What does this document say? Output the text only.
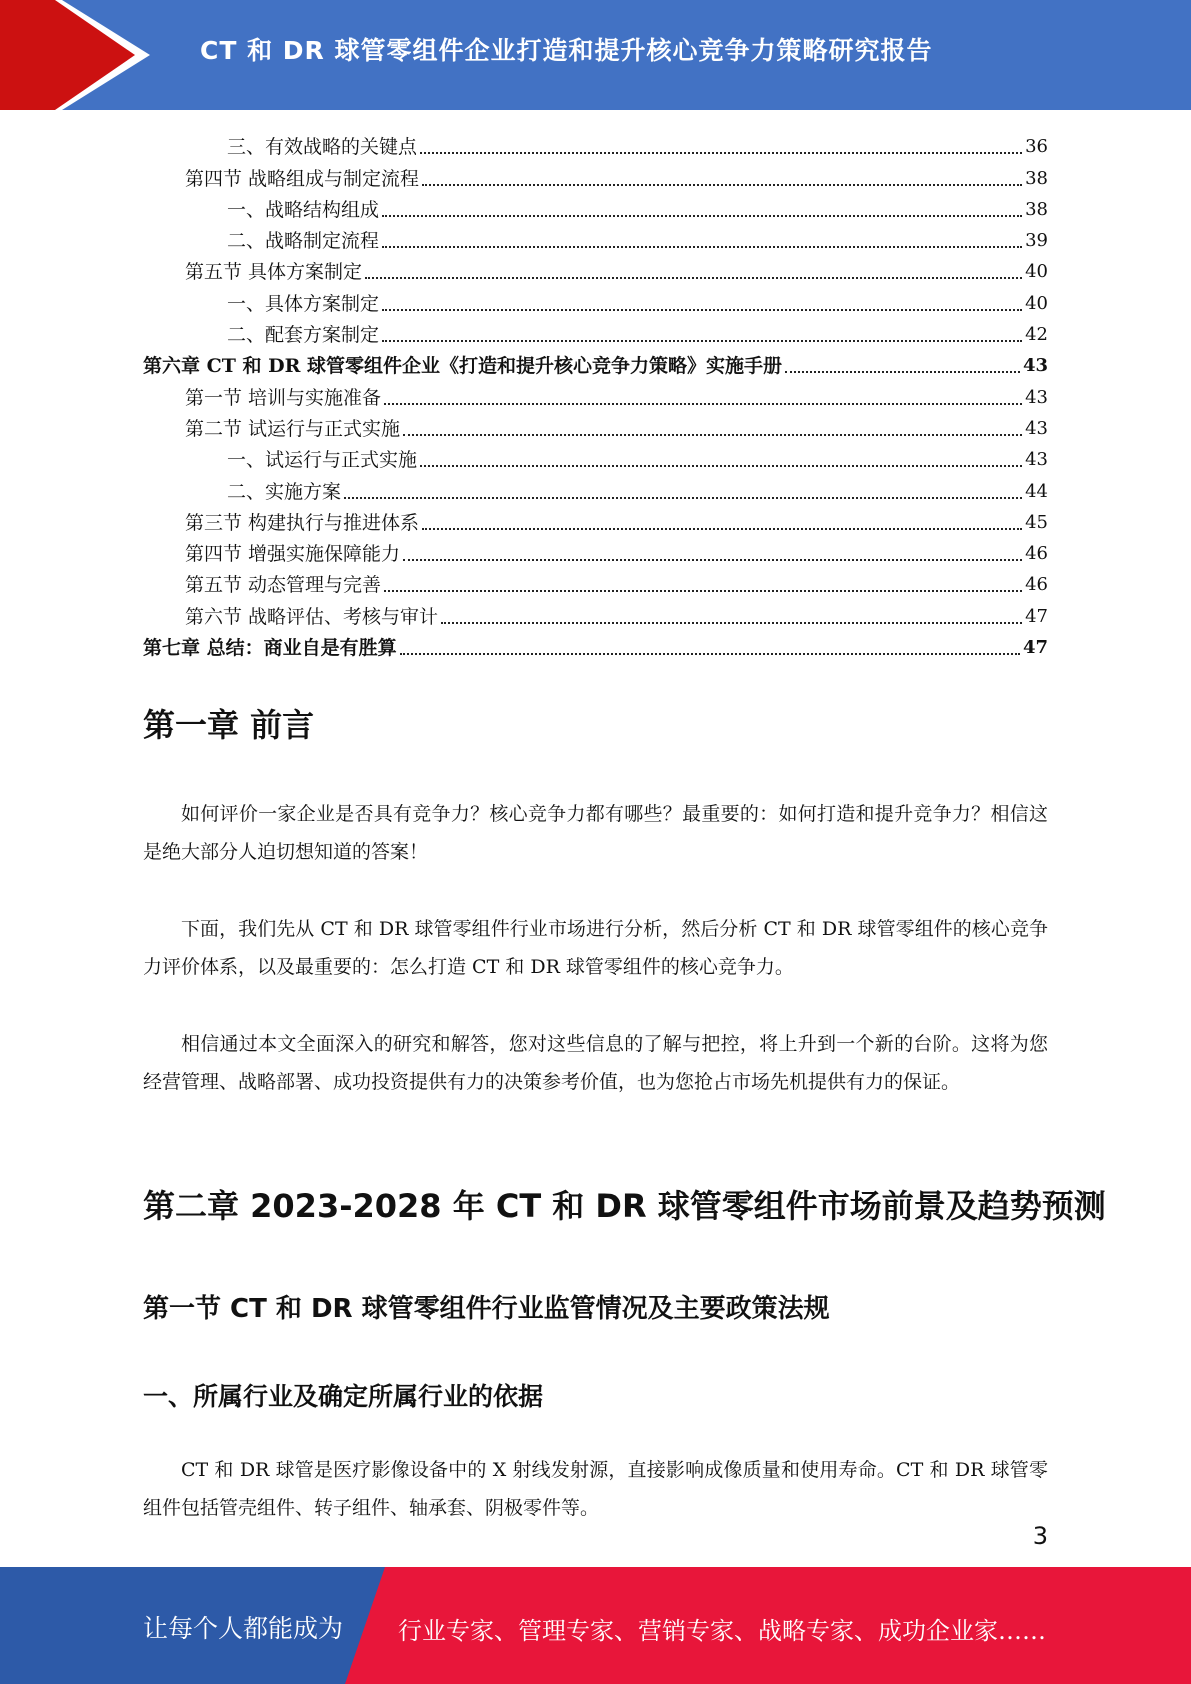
CT 和 DR 球管零组件企业打造和提升核心竞争力策略研究报告
三、有效战略的关键点	36
第四节 战略组成与制定流程	38
一、战略结构组成	38
二、战略制定流程	39
第五节 具体方案制定	40
一、具体方案制定	40
二、配套方案制定	42
第六章 CT 和 DR 球管零组件企业《打造和提升核心竞争力策略》实施手册	43
第一节 培训与实施准备	43
第二节 试运行与正式实施	43
一、试运行与正式实施	43
二、实施方案	44
第三节 构建执行与推进体系	45
第四节 增强实施保障能力	46
第五节 动态管理与完善	46
第六节 战略评估、考核与审计	47
第七章 总结：商业自是有胜算	47
第一章 前言

如何评价一家企业是否具有竞争力？核心竞争力都有哪些？最重要的：如何打造和提升竞争力？相信这是绝大部分人迫切想知道的答案！

下面，我们先从 CT 和 DR 球管零组件行业市场进行分析，然后分析 CT 和 DR 球管零组件的核心竞争力评价体系，以及最重要的：怎么打造 CT 和 DR 球管零组件的核心竞争力。

相信通过本文全面深入的研究和解答，您对这些信息的了解与把控，将上升到一个新的台阶。这将为您经营管理、战略部署、成功投资提供有力的决策参考价值，也为您抢占市场先机提供有力的保证。

第二章 2023-2028 年 CT 和 DR 球管零组件市场前景及趋势预测
第一节 CT 和 DR 球管零组件行业监管情况及主要政策法规
一、所属行业及确定所属行业的依据

CT 和 DR 球管是医疗影像设备中的 X 射线发射源，直接影响成像质量和使用寿命。CT 和 DR 球管零组件包括管壳组件、转子组件、轴承套、阴极零件等。

3
让每个人都能成为 行业专家、管理专家、营销专家、战略专家、成功企业家……
